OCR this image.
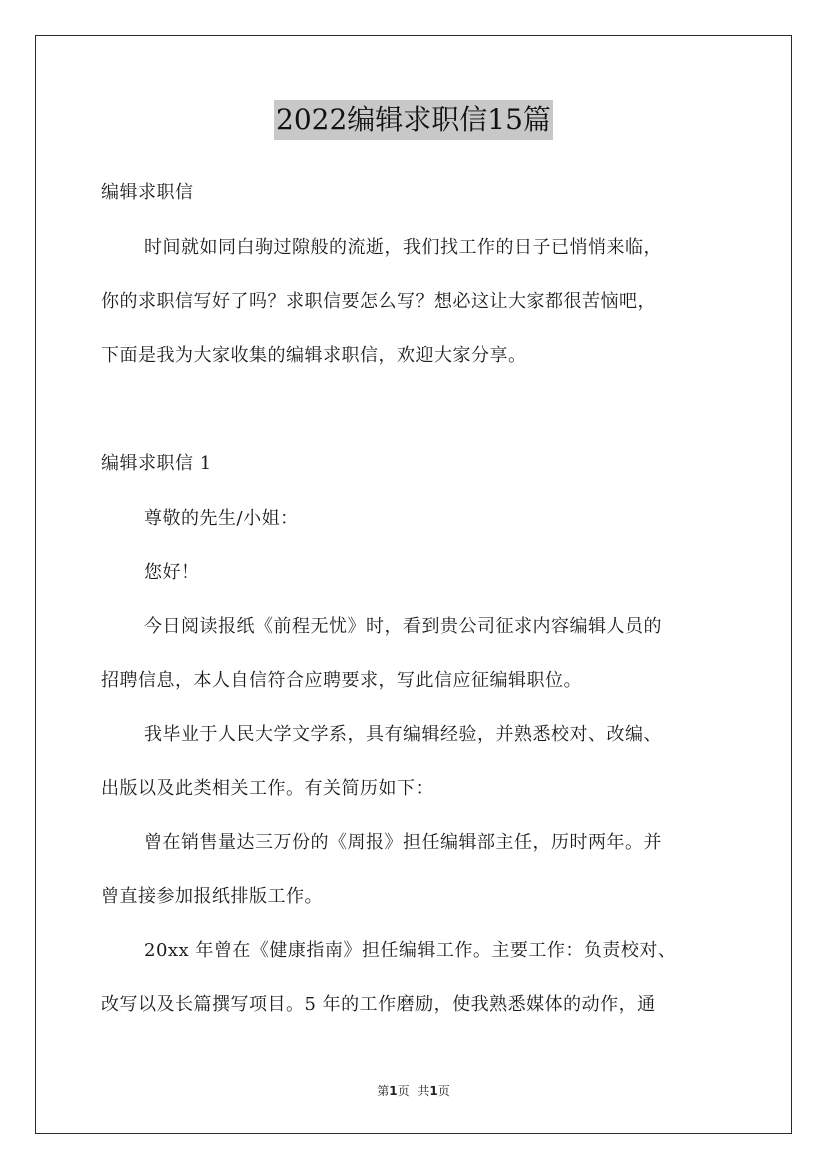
2022编辑求职信15篇
编辑求职信
时间就如同白驹过隙般的流逝，我们找工作的日子已悄悄来临，
你的求职信写好了吗？求职信要怎么写？想必这让大家都很苦恼吧，
下面是我为大家收集的编辑求职信，欢迎大家分享。
编辑求职信 1
尊敬的先生/小姐：
您好！
今日阅读报纸《前程无忧》时，看到贵公司征求内容编辑人员的
招聘信息，本人自信符合应聘要求，写此信应征编辑职位。
我毕业于人民大学文学系，具有编辑经验，并熟悉校对、改编、
出版以及此类相关工作。有关简历如下：
曾在销售量达三万份的《周报》担任编辑部主任，历时两年。并
曾直接参加报纸排版工作。
20xx 年曾在《健康指南》担任编辑工作。主要工作：负责校对、
改写以及长篇撰写项目。5 年的工作磨励，使我熟悉媒体的动作，通
第1页 共1页
